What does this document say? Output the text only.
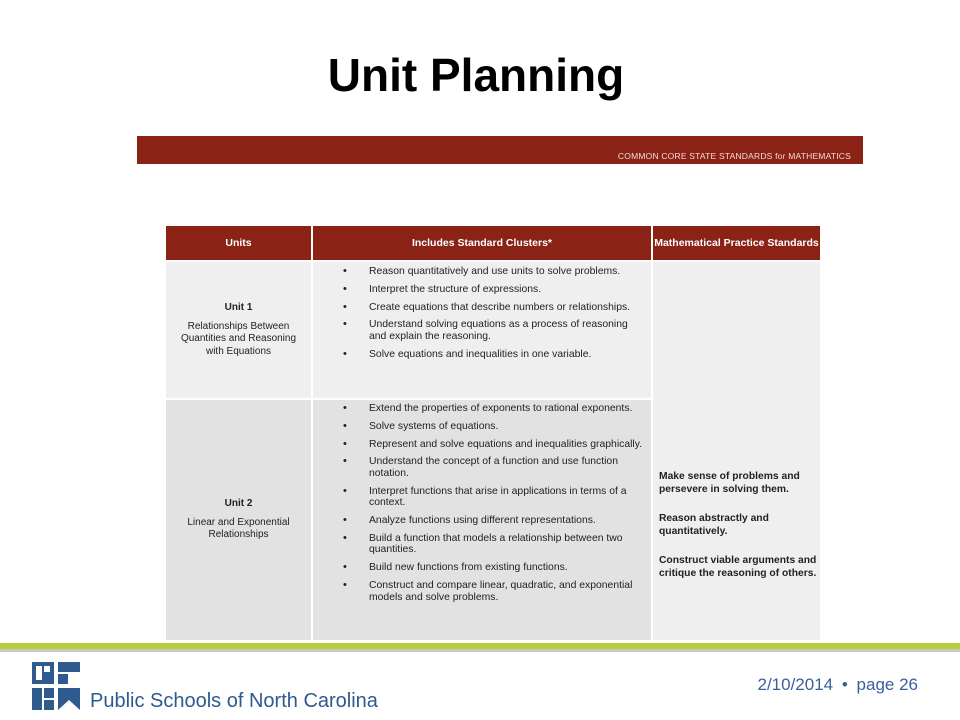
Unit Planning
COMMON CORE STATE STANDARDS for MATHEMATICS
Units	Includes Standard Clusters*	Mathematical Practice Standards
Unit 1
Relationships Between Quantities and Reasoning with Equations
• Reason quantitatively and use units to solve problems.
• Interpret the structure of expressions.
• Create equations that describe numbers or relationships.
• Understand solving equations as a process of reasoning and explain the reasoning.
• Solve equations and inequalities in one variable.
Unit 2
Linear and Exponential Relationships
• Extend the properties of exponents to rational exponents.
• Solve systems of equations.
• Represent and solve equations and inequalities graphically.
• Understand the concept of a function and use function notation.
• Interpret functions that arise in applications in terms of a context.
• Analyze functions using different representations.
• Build a function that models a relationship between two quantities.
• Build new functions from existing functions.
• Construct and compare linear, quadratic, and exponential models and solve problems.

Make sense of problems and persevere in solving them.

Reason abstractly and quantitatively.

Construct viable arguments and critique the reasoning of others.

Public Schools of North Carolina
2/10/2014 • page 26
